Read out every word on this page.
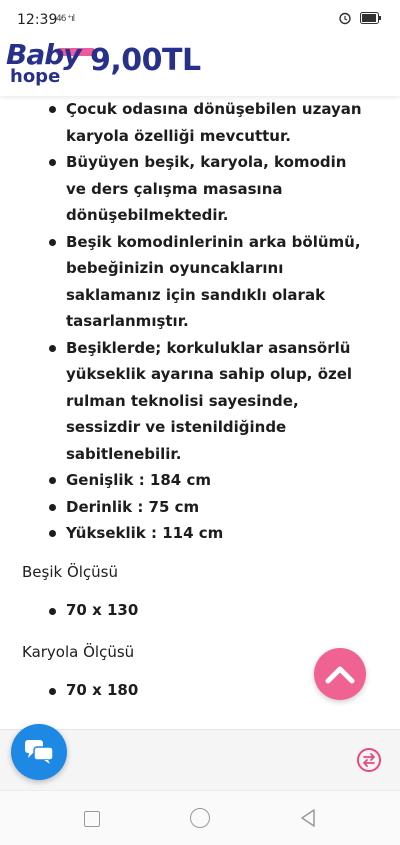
12:39
46 ⁺ıl
Baby
hope 9,00TL
Çocuk odasına dönüşebilen uzayan karyola özelliği mevcuttur.
Büyüyen beşik, karyola, komodin ve ders çalışma masasına dönüşebilmektedir.
Beşik komodinlerinin arka bölümü, bebeğinizin oyuncaklarını saklamanız için sandıklı olarak tasarlanmıştır.
Beşiklerde; korkuluklar asansörlü yükseklik ayarına sahip olup, özel rulman teknolisi sayesinde, sessizdir ve istenildiğinde sabitlenebilir.
Genişlik : 184 cm
Derinlik : 75 cm
Yükseklik : 114 cm
Beşik Ölçüsü
70 x 130
Karyola Ölçüsü
70 x 180
